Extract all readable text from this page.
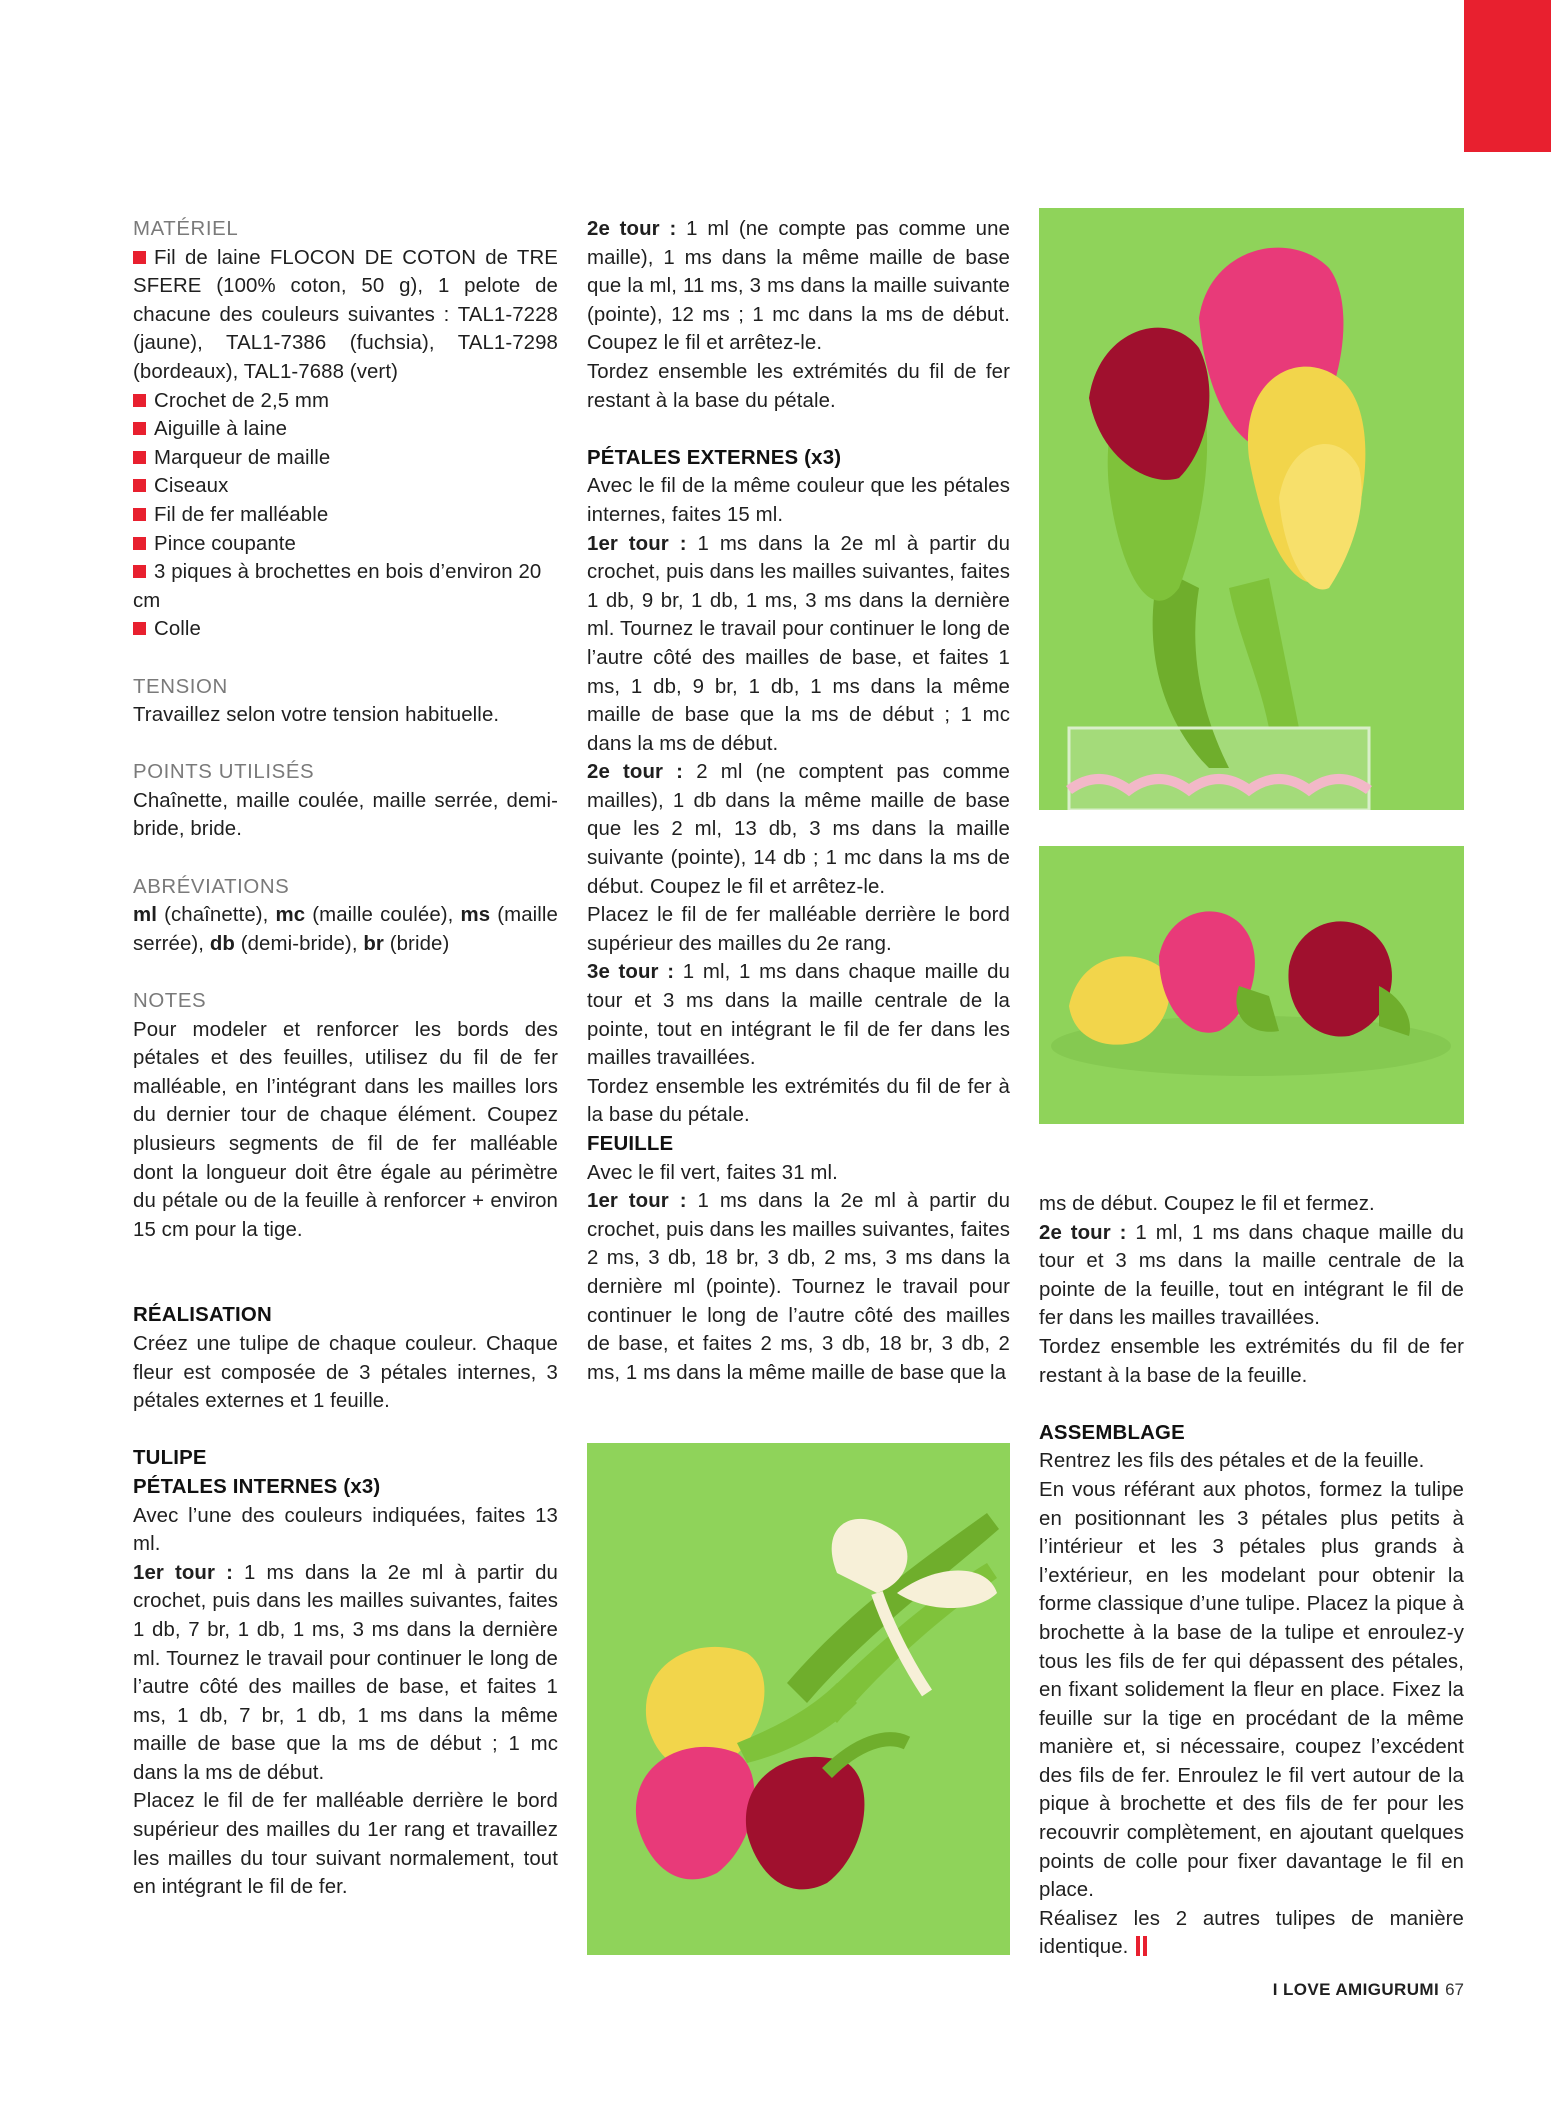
MATÉRIEL

Fil de laine FLOCON DE COTON de TRE SFERE (100% coton, 50 g), 1 pelote de chacune des couleurs suivantes : TAL1-7228 (jaune), TAL1-7386 (fuchsia), TAL1-7298 (bordeaux), TAL1-7688 (vert)

Crochet de 2,5 mm

Aiguille à laine

Marqueur de maille

Ciseaux

Fil de fer malléable

Pince coupante

3 piques à brochettes en bois d’environ 20 cm

Colle

TENSION

Travaillez selon votre tension habituelle.

POINTS UTILISÉS

Chaînette, maille coulée, maille serrée, demi-bride, bride.

ABRÉVIATIONS

ml (chaînette), mc (maille coulée), ms (maille serrée), db (demi-bride), br (bride)

NOTES

Pour modeler et renforcer les bords des pétales et des feuilles, utilisez du fil de fer malléable, en l’intégrant dans les mailles lors du dernier tour de chaque élément. Coupez plusieurs segments de fil de fer malléable dont la longueur doit être égale au périmètre du pétale ou de la feuille à renforcer + environ 15 cm pour la tige.

RÉALISATION

Créez une tulipe de chaque couleur. Chaque fleur est composée de 3 pétales internes, 3 pétales externes et 1 feuille.

TULIPE

PÉTALES INTERNES (x3)

Avec l’une des couleurs indiquées, faites 13 ml.

1er tour : 1 ms dans la 2e ml à partir du crochet, puis dans les mailles suivantes, faites 1 db, 7 br, 1 db, 1 ms, 3 ms dans la dernière ml. Tournez le travail pour continuer le long de l’autre côté des mailles de base, et faites 1 ms, 1 db, 7 br, 1 db, 1 ms dans la même maille de base que la ms de début ; 1 mc dans la ms de début.

Placez le fil de fer malléable derrière le bord supérieur des mailles du 1er rang et travaillez les mailles du tour suivant normalement, tout en intégrant le fil de fer.

2e tour : 1 ml (ne compte pas comme une maille), 1 ms dans la même maille de base que la ml, 11 ms, 3 ms dans la maille suivante (pointe), 12 ms ; 1 mc dans la ms de début. Coupez le fil et arrêtez-le.

Tordez ensemble les extrémités du fil de fer restant à la base du pétale.

PÉTALES EXTERNES (x3)

Avec le fil de la même couleur que les pétales internes, faites 15 ml.

1er tour : 1 ms dans la 2e ml à partir du crochet, puis dans les mailles suivantes, faites 1 db, 9 br, 1 db, 1 ms, 3 ms dans la dernière ml. Tournez le travail pour continuer le long de l’autre côté des mailles de base, et faites 1 ms, 1 db, 9 br, 1 db, 1 ms dans la même maille de base que la ms de début ; 1 mc dans la ms de début.

2e tour : 2 ml (ne comptent pas comme mailles), 1 db dans la même maille de base que les 2 ml, 13 db, 3 ms dans la maille suivante (pointe), 14 db ; 1 mc dans la ms de début. Coupez le fil et arrêtez-le.

Placez le fil de fer malléable derrière le bord supérieur des mailles du 2e rang.

3e tour : 1 ml, 1 ms dans chaque maille du tour et 3 ms dans la maille centrale de la pointe, tout en intégrant le fil de fer dans les mailles travaillées.

Tordez ensemble les extrémités du fil de fer à la base du pétale.

FEUILLE

Avec le fil vert, faites 31 ml.

1er tour : 1 ms dans la 2e ml à partir du crochet, puis dans les mailles suivantes, faites 2 ms, 3 db, 18 br, 3 db, 2 ms, 3 ms dans la dernière ml (pointe). Tournez le travail pour continuer le long de l’autre côté des mailles de base, et faites 2 ms, 3 db, 18 br, 3 db, 2 ms, 1 ms dans la même maille de base que la

ms de début. Coupez le fil et fermez.

2e tour : 1 ml, 1 ms dans chaque maille du tour et 3 ms dans la maille centrale de la pointe de la feuille, tout en intégrant le fil de fer dans les mailles travaillées.

Tordez ensemble les extrémités du fil de fer restant à la base de la feuille.

ASSEMBLAGE

Rentrez les fils des pétales et de la feuille.

En vous référant aux photos, formez la tulipe en positionnant les 3 pétales plus petits à l’intérieur et les 3 pétales plus grands à l’extérieur, en les modelant pour obtenir la forme classique d’une tulipe. Placez la pique à brochette à la base de la tulipe et enroulez-y tous les fils de fer qui dépassent des pétales, en fixant solidement la fleur en place. Fixez la feuille sur la tige en procédant de la même manière et, si nécessaire, coupez l’excédent des fils de fer. Enroulez le fil vert autour de la pique à brochette et des fils de fer pour les recouvrir complètement, en ajoutant quelques points de colle pour fixer davantage le fil en place.

Réalisez les 2 autres tulipes de manière identique.

I LOVE AMIGURUMI 67
